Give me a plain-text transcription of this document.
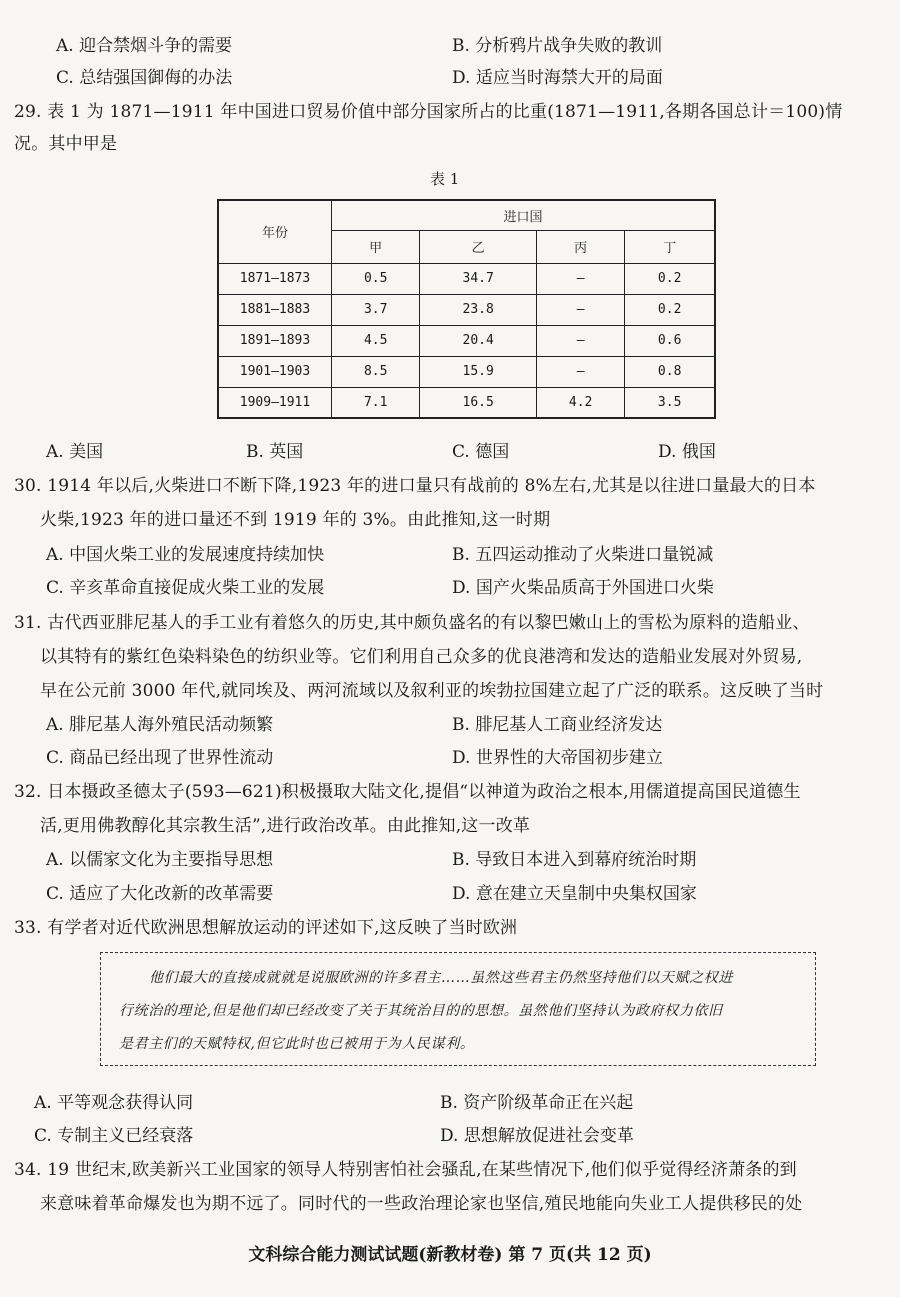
A. 迎合禁烟斗争的需要	B. 分析鸦片战争失败的教训
C. 总结强国御侮的办法	D. 适应当时海禁大开的局面
29. 表 1 为 1871—1911 年中国进口贸易价值中部分国家所占的比重(1871—1911,各期各国总计＝100)情
况。其中甲是
表 1
年份	进口国			
	甲	乙	丙	丁
1871—1873	0.5	34.7	—	0.2
1881—1883	3.7	23.8	—	0.2
1891—1893	4.5	20.4	—	0.6
1901—1903	8.5	15.9	—	0.8
1909—1911	7.1	16.5	4.2	3.5
A. 美国	B. 英国	C. 德国	D. 俄国
30. 1914 年以后,火柴进口不断下降,1923 年的进口量只有战前的 8%左右,尤其是以往进口量最大的日本
火柴,1923 年的进口量还不到 1919 年的 3%。由此推知,这一时期
A. 中国火柴工业的发展速度持续加快	B. 五四运动推动了火柴进口量锐减
C. 辛亥革命直接促成火柴工业的发展	D. 国产火柴品质高于外国进口火柴
31. 古代西亚腓尼基人的手工业有着悠久的历史,其中颇负盛名的有以黎巴嫩山上的雪松为原料的造船业、
以其特有的紫红色染料染色的纺织业等。它们利用自己众多的优良港湾和发达的造船业发展对外贸易,
早在公元前 3000 年代,就同埃及、两河流域以及叙利亚的埃勃拉国建立起了广泛的联系。这反映了当时
A. 腓尼基人海外殖民活动频繁	B. 腓尼基人工商业经济发达
C. 商品已经出现了世界性流动	D. 世界性的大帝国初步建立
32. 日本摄政圣德太子(593—621)积极摄取大陆文化,提倡“以神道为政治之根本,用儒道提高国民道德生
活,更用佛教醇化其宗教生活”,进行政治改革。由此推知,这一改革
A. 以儒家文化为主要指导思想	B. 导致日本进入到幕府统治时期
C. 适应了大化改新的改革需要	D. 意在建立天皇制中央集权国家
33. 有学者对近代欧洲思想解放运动的评述如下,这反映了当时欧洲
他们最大的直接成就就是说服欧洲的许多君主……虽然这些君主仍然坚持他们以天赋之权进
行统治的理论,但是他们却已经改变了关于其统治目的的思想。虽然他们坚持认为政府权力依旧
是君主们的天赋特权,但它此时也已被用于为人民谋利。
A. 平等观念获得认同	B. 资产阶级革命正在兴起
C. 专制主义已经衰落	D. 思想解放促进社会变革
34. 19 世纪末,欧美新兴工业国家的领导人特别害怕社会骚乱,在某些情况下,他们似乎觉得经济萧条的到
来意味着革命爆发也为期不远了。同时代的一些政治理论家也坚信,殖民地能向失业工人提供移民的处
文科综合能力测试试题(新教材卷) 第 7 页(共 12 页)
